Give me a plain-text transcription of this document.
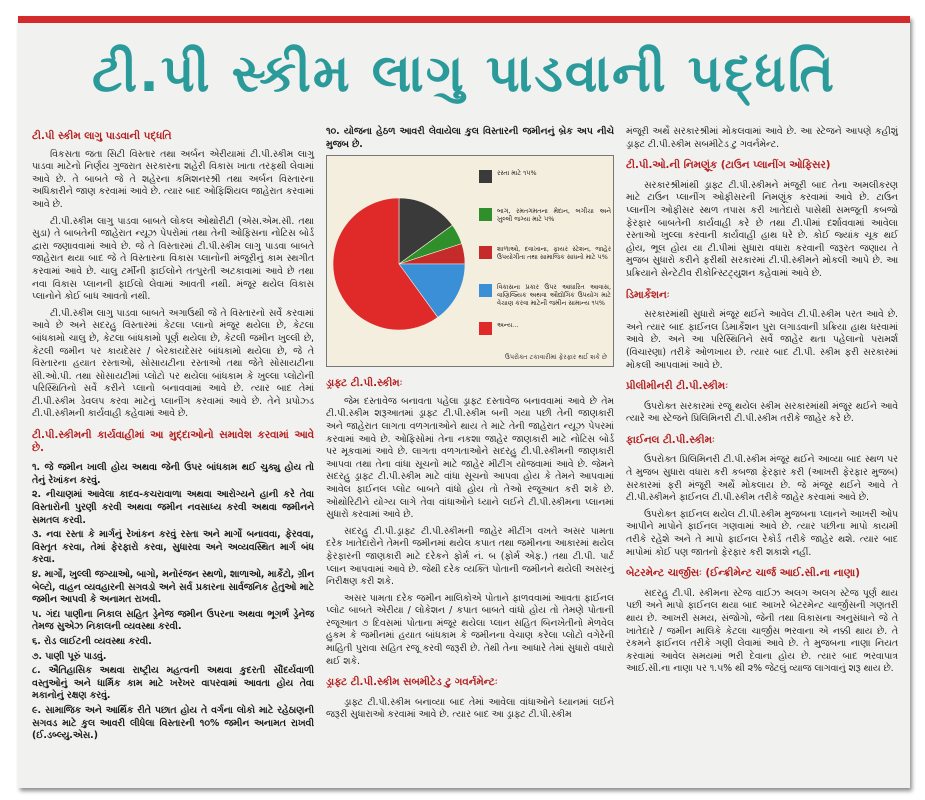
ટી.પી સ્કીમ લાગુ પાડવાની પદ્ધતિ
ટી.પી સ્કીમ લાગુ પાડવાની પદ્ધતિ

વિકસતા જતા સિટી વિસ્તાર તથા અર્બન એરીયામાં ટી.પી.સ્કીમ લાગુ પાડવા માટેનો નિર્ણય ગુજરાત સરકારના શહેરી વિકાસ ખાતા તરફથી લેવામાં આવે છે. તે બાબતે જે તે શહેરના કમિશનરશ્રી તથા અર્બન વિસ્તારના અધિકારીને જાણ કરવામાં આવે છે. ત્યાર બાદ ઓફિશિયલ જાહેરાત કરવામાં આવે છે.

ટી.પી.સ્કીમ લાગુ પાડવા બાબતે લોકલ ઓથોરીટી (એસ.એમ.સી. તથા સુડા) તે બાબતેની જાહેરાત ન્યૂઝ પેપરોમાં તથા તેની ઓફિસના નોટિસ બોર્ડ દ્વારા જણાવવામાં આવે છે. જે તે વિસ્તારમાં ટી.પી.સ્કીમ લાગુ પાડવા બાબતે જાહેરાત થયા બાદ જે તે વિસ્તારના વિકાસ પ્લાનોની મંજૂરીનું કામ સ્થગીત કરવામાં આવે છે. ચાલુ ટર્મીની ફાઈલોને તત્પુરતી અટકાવામાં આવે છે તથા નવા વિકાસ પ્લાનની ફાઈલો લેવામાં આવતી નથી. મંજૂર થયેલ વિકાસ પ્લાનોને કોઈ બાધ આવતો નથી.

ટી.પી.સ્કીમ લાગુ પાડવા બાબતે અગાઉથી જે તે વિસ્તારનો સર્વે કરવામાં આવે છે અને સદરહુ વિસ્તારમાં કેટલા પ્લાનો મંજૂર થયેલા છે, કેટલા બાંધકામો ચાલુ છે, કેટલા બાંધકામો પૂર્ણ થયેલા છે, કેટલી જમીન ખુલ્લી છે, કેટલી જમીન પર કાયદેસર / બેરકાયદેસર બાંધકામો થયેલા છે, જે તે વિસ્તારના હયાત રસ્તાઓ, સોસાયટીના રસ્તાઓ તથા જેતે સોસાયટીના સી.ઓ.પી. તથા સોસાયટીમાં પ્લોટો પર થયેલા બાંધકામ કે ખુલ્લા પ્લોટોની પરિસ્થિતિનો સર્વે કરીને પ્લાનો બનાવવામાં આવે છે. ત્યાર બાદ તેમાં ટી.પી.સ્કીમ ડેવલપ કરવા માટેનું પ્લાનીંગ કરવામાં આવે છે. તેને પ્રપોઝ્ડ ટી.પી.સ્કીમની કાર્યવાહી કહેવામાં આવે છે.

ટી.પી.સ્કીમની કાર્યવાહીમાં આ મુદ્દાઓનો સમાવેશ કરવામાં આવે છે.
૧. જે જમીન ખાલી હોય અથવા જેની ઉપર બાંધકામ થઈ ચુક્યુ હોય તો તેનું રેખાંકન કરવું.
૨. નીચાણમાં આવેલા કાદવ-કચરાવાળા અથવા આરોગ્યને હાની કરે તેવા વિસ્તારોની પુરણી કરવી અથવા જમીન નવસાધ્ય કરવી અથવા જમીનને સમતલ કરવી.
૩. નવા રસ્તા કે માર્ગનું રેખાંકન કરવું રસ્તા અને માર્ગો બનાવવા, ફેરવવા, વિસ્તૃત કરવા, તેમાં ફેરફારો કરવા, સુધારવા અને અવ્યવસ્થિત માર્ગ બંધ કરવા.
૪. માર્ગો, ખુલ્લી જગ્યાઓ, બાગો, મનોરંજન સ્થળો, શાળાઓ, માર્કેટો, ગ્રીન બેલ્ટો, વાહન વ્યવહારની સગવડો અને સર્વ પ્રકારના સાર્વજનિક હેતુઓ માટે જમીન આપવી કે અનામત રાખવી.
૫. ગંદા પાણીના નિકાલ સહિત ડ્રેનેજ જમીન ઉપરના અથવા ભૂગર્ભ ડ્રેનેજ તેમજ સુએઝ નિકાલની વ્યવસ્થા કરવી.
૬. રોડ લાઈટની વ્યવસ્થા કરવી.
૭. પાણી પૂરું પાડવું.
૮. ઐતિહાસિક અથવા રાષ્ટ્રીય મહત્વની અથવા કુદરતી સૌંદર્યવાળી વસ્તુઓનું અને ધાર્મિક કામ માટે ખરેખર વાપરવામાં આવતા હોય તેવા મકાનોનું રક્ષણ કરવું.
૯. સામાજિક અને આર્થિક રીતે પછાત હોય તે વર્ગના લોકો માટે રહેઠાણની સગવડ માટે કુલ આવરી લીધેલા વિસ્તારની ૧૦% જમીન અનામત રાખવી (ઈ.ડબ્લ્યુ.એસ.)

૧૦. યોજના હેઠળ આવરી લેવાયેલા કુલ વિસ્તારની જમીનનું બ્રેક અપ નીચે મુજબ છે.

રસ્તા માટે ૧૫%
બાગ, રમતગમતના મેદાન, બગીચા અને ખુલ્લી જગ્યા માટે ૫%
શાળાઓ, દવાખાના, ફાયર સ્ટેશન, જાહેર ઉપયોગીતા તથા સામાજિક સાધનો માટે ૫%
વિકાસના પ્રકાર ઉપર આધારિત આવાસ, વાણિજ્યિક અથવા ઔદ્યોગિક ઉપયોગ માટે વેચાણ કરવા માટેની જમીન સામાન્ય ૧૫%
અન્ય...
ઉપરોક્ત ટકાવારીમાં ફેરફાર થઈ શકે છે
ડ્રાફ્ટ ટી.પી.સ્કીમઃ

જેમ દસ્તાવેજ બનાવતા પહેલા ડ્રાફ્ટ દસ્તાવેજ બનાવવામાં આવે છે તેમ ટી.પી.સ્કીમ શરૂઆતમાં ડ્રાફ્ટ ટી.પી.સ્કીમ બની ગયા પછી તેની જાણકારી અને જાહેરાત લાગતા વળગતાઓને થાય તે માટે તેની જાહેરાત ન્યૂઝ પેપરમાં કરવામાં આવે છે. ઓફિસોમાં તેના નકશા જાહેર જાણકારી માટે નોટિસ બોર્ડ પર મૂકવામાં આવે છે. લાગતા વળગતાઓને સદરહુ ટી.પી.સ્કીમની જાણકારી આપવા તથા તેના વાંધા સૂચનો માટે જાહેર મીટીંગ યોજવામાં આવે છે. જેમને સદરહુ ડ્રાફ્ટ ટી.પી.સ્કીમ માટે વાંધા સૂચનો આપવા હોય કે તેમને આપવામાં આવેલ ફાઈનલ પ્લોટ બાબતે વાંધો હોય તો તેઓ રજૂઆત કરી શકે છે. ઓથોરિટીને યોગ્ય લાગે તેવા વાંધાઓને ધ્યાને લઈને ટી.પી.સ્કીમના પ્લાનમાં સુધારો કરવામાં આવે છે.

સદરહુ ટી.પી.ડ્રાફ્ટ ટી.પી.સ્કીમની જાહેર મીટીંગ વખતે અસર પામતા દરેક ખાતેદારોને તેમની જમીનમાં થયેલ કપાત તથા જમીનના આકારમાં થયેલ ફેરફારની જાણકારી માટે દરેકને ફોર્મ નં. બ (ફોર્મ એફ.) તથા ટી.પી. પાર્ટ પ્લાન આપવામાં આવે છે. જેથી દરેક વ્યક્તિ પોતાની જમીનને થયેલી અસરનું નિરીક્ષણ કરી શકે.

અસર પામતા દરેક જમીન માલિકોએ પોતાને ફાળવવામાં આવતા ફાઈનલ પ્લોટ બાબતે એરીયા / લોકેશન / કપાત બાબતે વાંધો હોય તો તેમણે પોતાની રજૂઆત ૭ દિવસમાં પોતાના મંજૂર થયેલા પ્લાન સહિત બિનખેતીનો મેળવેલ હુકમ કે જમીનમાં હયાત બાંધકામ કે જમીનના વેચાણ કરેલા પ્લોટો વગેરેની માહિતી પુરાવા સહિત રજૂ કરવી જરૂરી છે. તેથી તેના આધારે તેમાં સુધારો વધારો થઈ શકે.

ડ્રાફ્ટ ટી.પી.સ્કીમ સબમીટેડ ટુ ગવર્નમેન્ટઃ

ડ્રાફ્ટ ટી.પી.સ્કીમ બનાવ્યા બાદ તેમાં આવેલા વાંધાઓને ધ્યાનમાં લઈને જરૂરી સુધારાઓ કરવામાં આવે છે. ત્યાર બાદ આ ડ્રાફ્ટ ટી.પી.સ્કીમ

મંજૂરી અર્થે સરકારશ્રીમાં મોકલવામાં આવે છે. આ સ્ટેજને આપણે કહીશું ડ્રાફ્ટ ટી.પી.સ્કીમ સબમીટેડ ટુ ગવર્નમેન્ટ.

ટી.પી.ઓ.ની નિમણૂંક (ટાઉન પ્લાનીંગ ઓફિસર)

સરકારશ્રીમાંથી ડ્રાફ્ટ ટી.પી.સ્કીમને મંજૂરી બાદ તેના અમલીકરણ માટે ટાઉન પ્લાનીંગ ઓફીસરની નિમણૂંક કરવામાં આવે છે. ટાઉન પ્લાનીંગ ઓફીસર સ્થળ તપાસ કરી ખાતેદારો પાસેથી સમજૂતી કબજો ફેરફાર બાબતેની કાર્યવાહી કરે છે તથા ટી.પીમાં દર્શાવવામાં આવેલા રસ્તાઓ ખુલ્લા કરવાની કાર્યવાહી હાથ ધરે છે. કોઈ જ્યાંક ચૂક થઈ હોય, ભૂલ હોય યા ટી.પીમાં સુધારા વધારા કરવાની જરૂરત જણાય તે મુજબ સુધારો કરીને ફરીથી સરકારમાં ટી.પી.સ્કીમને મોકલી આપે છે. આ પ્રક્રિયાને સેન્ટેટીવ રીકોન્સ્ટિટ્યુશન કહેવામાં આવે છે.

ડિમાર્કેશનઃ

સરકારમાંથી સુધારો મંજૂર થઈને આવેલ ટી.પી.સ્કીમ પરત આવે છે. અને ત્યાર બાદ ફાઈનલ ડિમાર્કેશન પુરા લગાડવાની પ્રક્રિયા હાથ ધરવામાં આવે છે. અને આ પરિસ્થિતિને સર્વે જાહેર થતા પહેલાનો પરામર્શ (વિચારણા) તરીકે ઓળખાય છે. ત્યાર બાદ ટી.પી. સ્કીમ ફરી સરકારમાં મોકલી આપવામાં આવે છે.

પ્રીલીમીનરી ટી.પી.સ્કીમઃ

ઉપરોક્ત સરકારમાં રજૂ થયેલ સ્કીમ સરકારમાંથી મંજૂર થઈને આવે ત્યારે આ સ્ટેજને પ્રિલિમિનરી ટી.પી.સ્કીમ તરીકે જાહેર કરે છે.

ફાઈનલ ટી.પી.સ્કીમઃ

ઉપરોક્ત પ્રિલિમિનરી ટી.પી.સ્કીમ મંજૂર થઈને આવ્યા બાદ સ્થળ પર તે મુજબ સુધારા વધારા કરી કબજા ફેરફાર કરી (આખરી ફેરફાર મુજબ) સરકારમાં ફરી મંજૂરી અર્થે મોકલાય છે. જે મંજૂર થઈને આવે તે ટી.પી.સ્કીમને ફાઈનલ ટી.પી.સ્કીમ તરીકે જાહેર કરવામાં આવે છે.

ઉપરોક્ત ફાઈનલ થયેલ ટી.પી.સ્કીમ મુજબના પ્લાનને આખરી ઓપ આપીને માપોને ફાઈનલ ગણવામાં આવે છે. ત્યાર પછીના માપો કાયમી તરીકે રહેશે અને તે માપો ફાઈનલ રેકોર્ડ તરીકે જાહેર થશે. ત્યાર બાદ માપોમાં કોઈ પણ જાતનો ફેરફાર કરી શકાશે નહીં.

બેટરમેન્ટ ચાર્જીસઃ (ઈન્ક્રીમેન્ટ ચાર્જ આઈ.સી.ના નાણા)

સદરહુ ટી.પી. સ્કીમના સ્ટેજ વાઈઝ અલગ અલગ સ્ટેજ પૂર્ણ થાય પછી અને માપો ફાઈનલ થયા બાદ આખરે બેટરમેન્ટ ચાર્જીસની ગણતરી થાય છે. આખરી સમય, સંજોગો, જેની તથા વિકાસના અનુસંધાને જે તે ખાતેદારે / જમીન માલિકે કેટલા ચાર્જીસ ભરવાના એ નક્કી થાય છે. તે રકમને ફાઈનલ તરીકે ગણી લેવામાં આવે છે. તે મુજબના નાણા નિયત કરવામાં આવેલ સમયમાં ભરી દેવાના હોય છે. ત્યાર બાદ ભરવાપાત્ર આઈ.સી.ના નાણા પર ૧.૫% થી ૨% જેટલું વ્યાજ લાગવાનું શરૂ થાય છે.
